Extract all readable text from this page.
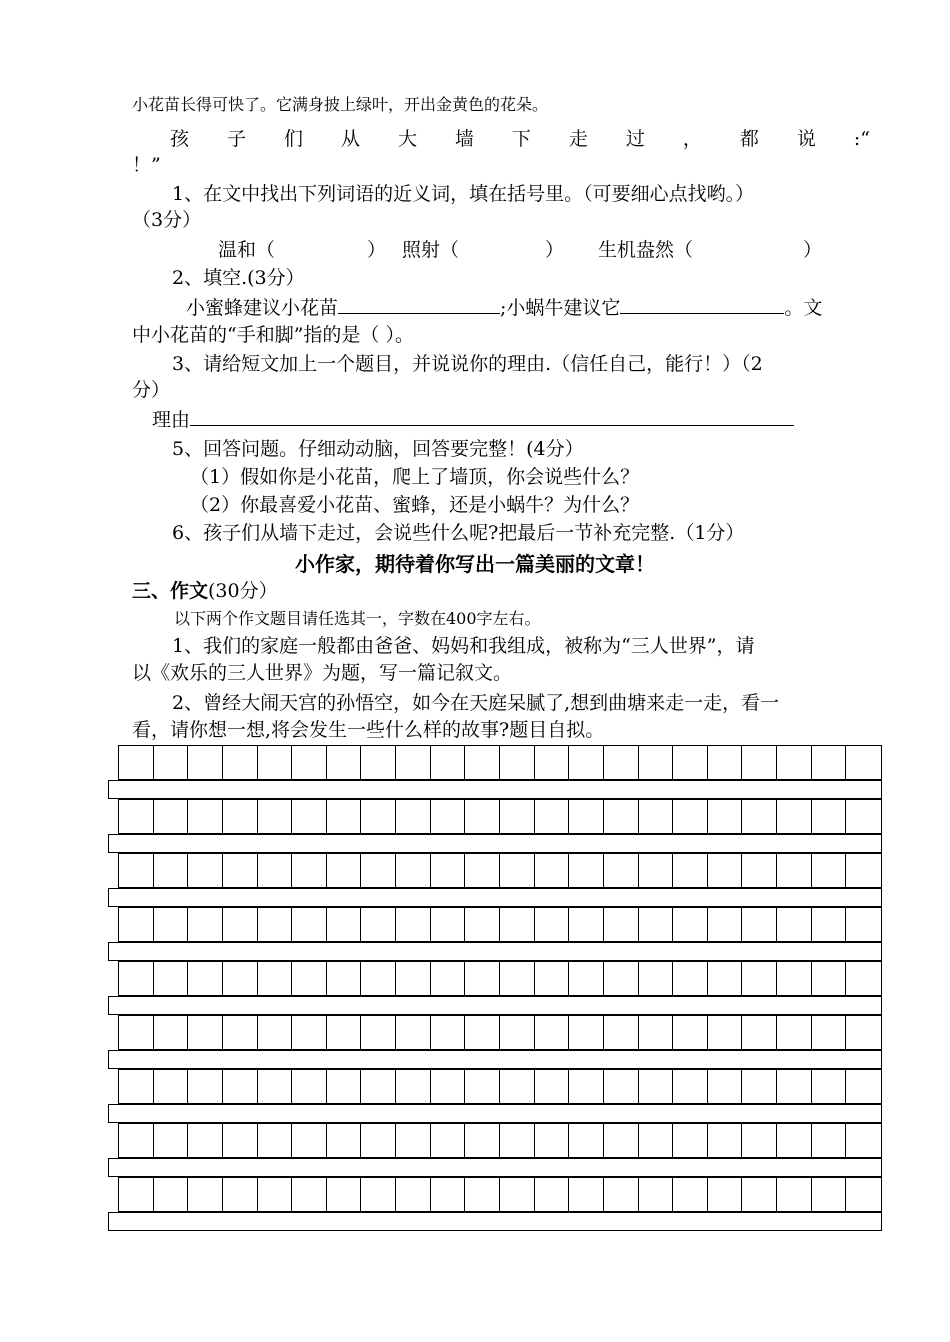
小花苗长得可快了。它满身披上绿叶，开出金黄色的花朵。
孩 子 们 从 大 墙 下 走 过 ， 都 说 :“
！”
1、在文中找出下列词语的近义词，填在括号里。（可要细心点找哟。）
（3分）
温和（	） 照射（	） 生机盎然（	）
2、填空.(3分）
小蜜蜂建议小花苗	;小蜗牛建议它	。文
中小花苗的“手和脚”指的是（ ）。
3、请给短文加上一个题目，并说说你的理由.（信任自己，能行！）（2
分）
理由
5、回答问题。仔细动动脑，回答要完整！(4分）
（1）假如你是小花苗，爬上了墙顶，你会说些什么？
（2）你最喜爱小花苗、蜜蜂，还是小蜗牛？为什么？
6、孩子们从墙下走过，会说些什么呢?把最后一节补充完整.（1分）
小作家，期待着你写出一篇美丽的文章！
三、作文(30分）
以下两个作文题目请任选其一，字数在400字左右。
1、我们的家庭一般都由爸爸、妈妈和我组成，被称为“三人世界”，请
以《欢乐的三人世界》为题，写一篇记叙文。
2、曾经大闹天宫的孙悟空，如今在天庭呆腻了,想到曲塘来走一走，看一
看，请你想一想,将会发生一些什么样的故事?题目自拟。
